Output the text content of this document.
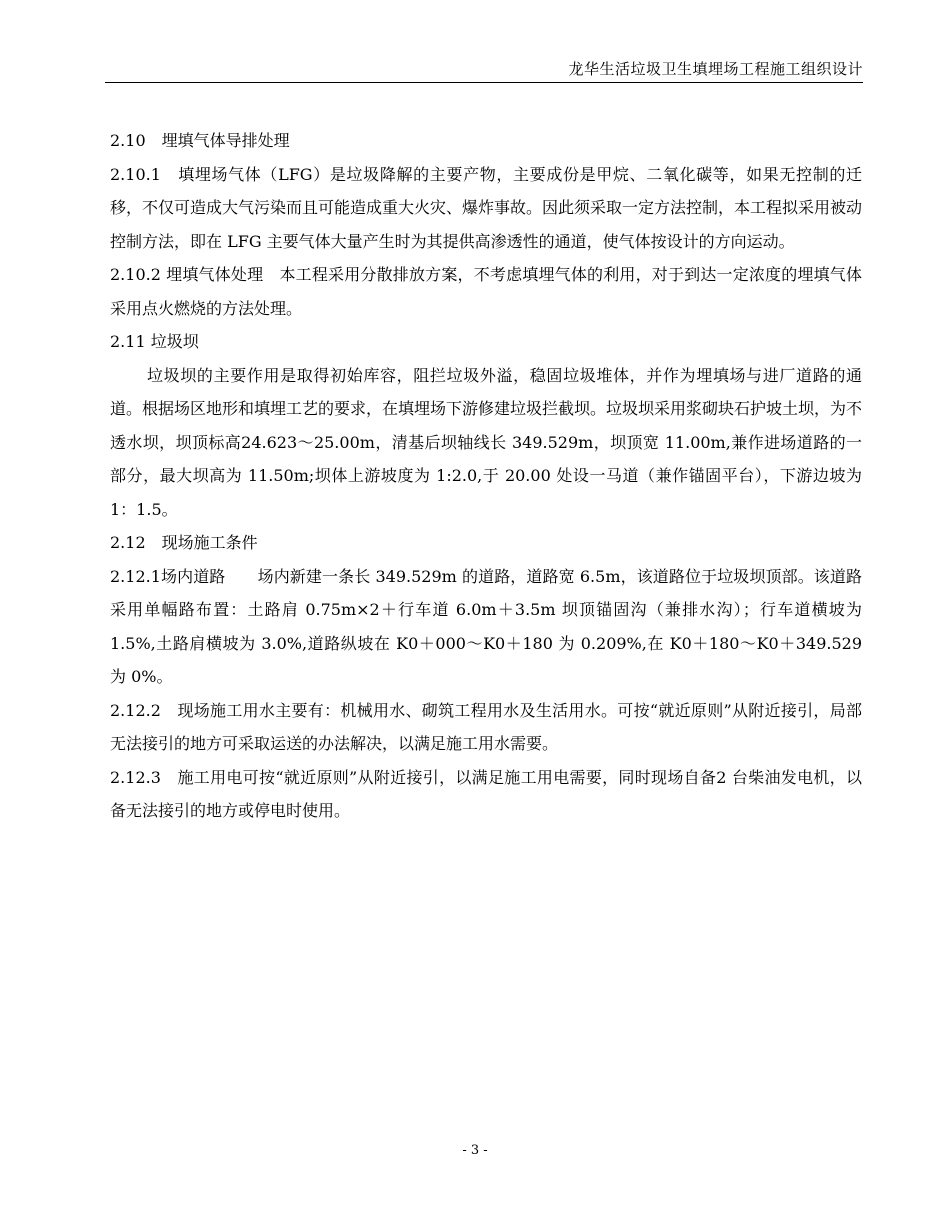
龙华生活垃圾卫生填埋场工程施工组织设计

2.10　埋填气体导排处理

2.10.1　填埋场气体（LFG）是垃圾降解的主要产物，主要成份是甲烷、二氧化碳等，如果无控制的迁移，不仅可造成大气污染而且可能造成重大火灾、爆炸事故。因此须采取一定方法控制，本工程拟采用被动控制方法，即在 LFG 主要气体大量产生时为其提供高渗透性的通道，使气体按设计的方向运动。

2.10.2 埋填气体处理　本工程采用分散排放方案，不考虑填埋气体的利用，对于到达一定浓度的埋填气体采用点火燃烧的方法处理。

2.11 垃圾坝

垃圾坝的主要作用是取得初始库容，阻拦垃圾外溢，稳固垃圾堆体，并作为埋填场与进厂道路的通道。根据场区地形和填埋工艺的要求，在填埋场下游修建垃圾拦截坝。垃圾坝采用浆砌块石护坡土坝，为不透水坝，坝顶标高24.623～25.00m，清基后坝轴线长 349.529m，坝顶宽 11.00m,兼作进场道路的一部分，最大坝高为 11.50m;坝体上游坡度为 1:2.0,于 20.00 处设一马道（兼作锚固平台），下游边坡为 1：1.5。

2.12　现场施工条件

2.12.1场内道路　　场内新建一条长 349.529m 的道路，道路宽 6.5m，该道路位于垃圾坝顶部。该道路采用单幅路布置：土路肩 0.75m×2＋行车道 6.0m＋3.5m 坝顶锚固沟（兼排水沟）；行车道横坡为 1.5%,土路肩横坡为 3.0%,道路纵坡在 K0＋000～K0＋180 为 0.209%,在 K0＋180～K0＋349.529 为 0%。

2.12.2　现场施工用水主要有：机械用水、砌筑工程用水及生活用水。可按“就近原则”从附近接引，局部无法接引的地方可采取运送的办法解决，以满足施工用水需要。

2.12.3　施工用电可按“就近原则”从附近接引，以满足施工用电需要，同时现场自备2 台柴油发电机，以备无法接引的地方或停电时使用。

- 3 -
